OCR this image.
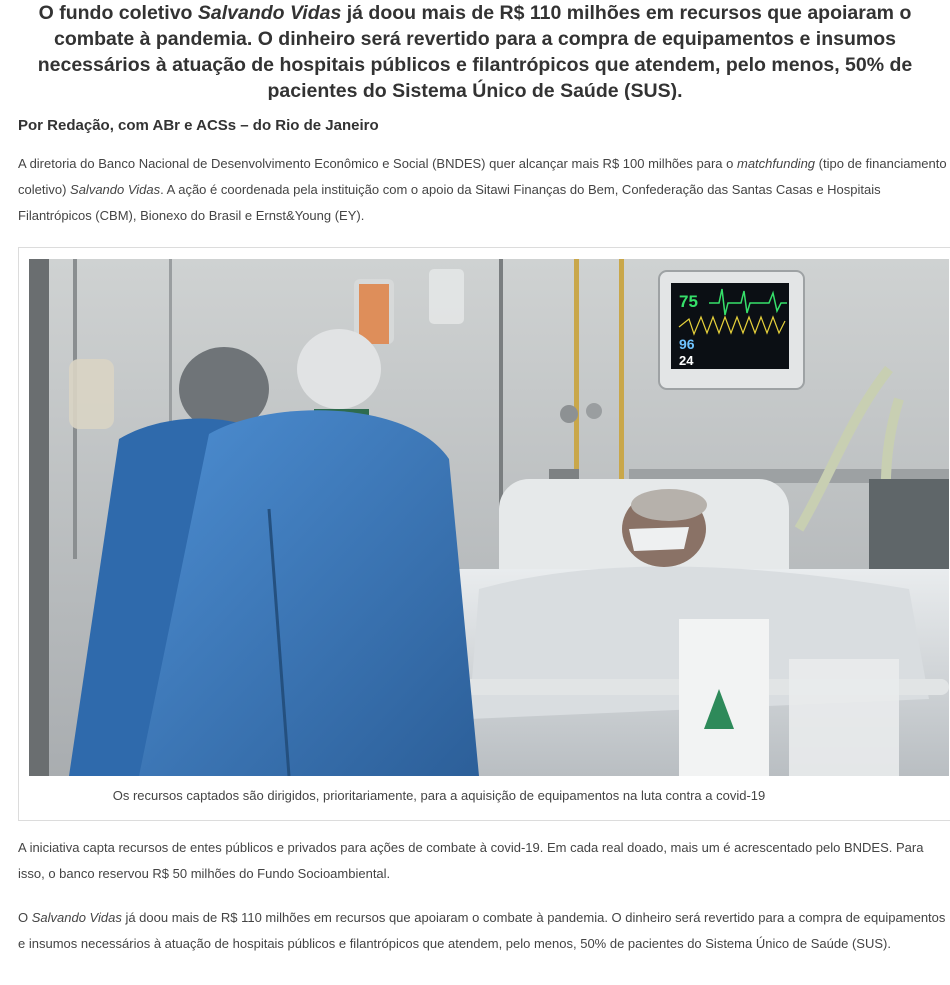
O fundo coletivo Salvando Vidas já doou mais de R$ 110 milhões em recursos que apoiaram o combate à pandemia. O dinheiro será revertido para a compra de equipamentos e insumos necessários à atuação de hospitais públicos e filantrópicos que atendem, pelo menos, 50% de pacientes do Sistema Único de Saúde (SUS).

Por Redação, com ABr e ACSs – do Rio de Janeiro

A diretoria do Banco Nacional de Desenvolvimento Econômico e Social (BNDES) quer alcançar mais R$ 100 milhões para o matchfunding (tipo de financiamento coletivo) Salvando Vidas. A ação é coordenada pela instituição com o apoio da Sitawi Finanças do Bem, Confederação das Santas Casas e Hospitais Filantrópicos (CBM), Bionexo do Brasil e Ernst&Young (EY).

75
96
24

Os recursos captados são dirigidos, prioritariamente, para a aquisição de equipamentos na luta contra a covid-19

A iniciativa capta recursos de entes públicos e privados para ações de combate à covid-19. Em cada real doado, mais um é acrescentado pelo BNDES. Para isso, o banco reservou R$ 50 milhões do Fundo Socioambiental.

O Salvando Vidas já doou mais de R$ 110 milhões em recursos que apoiaram o combate à pandemia. O dinheiro será revertido para a compra de equipamentos e insumos necessários à atuação de hospitais públicos e filantrópicos que atendem, pelo menos, 50% de pacientes do Sistema Único de Saúde (SUS).
